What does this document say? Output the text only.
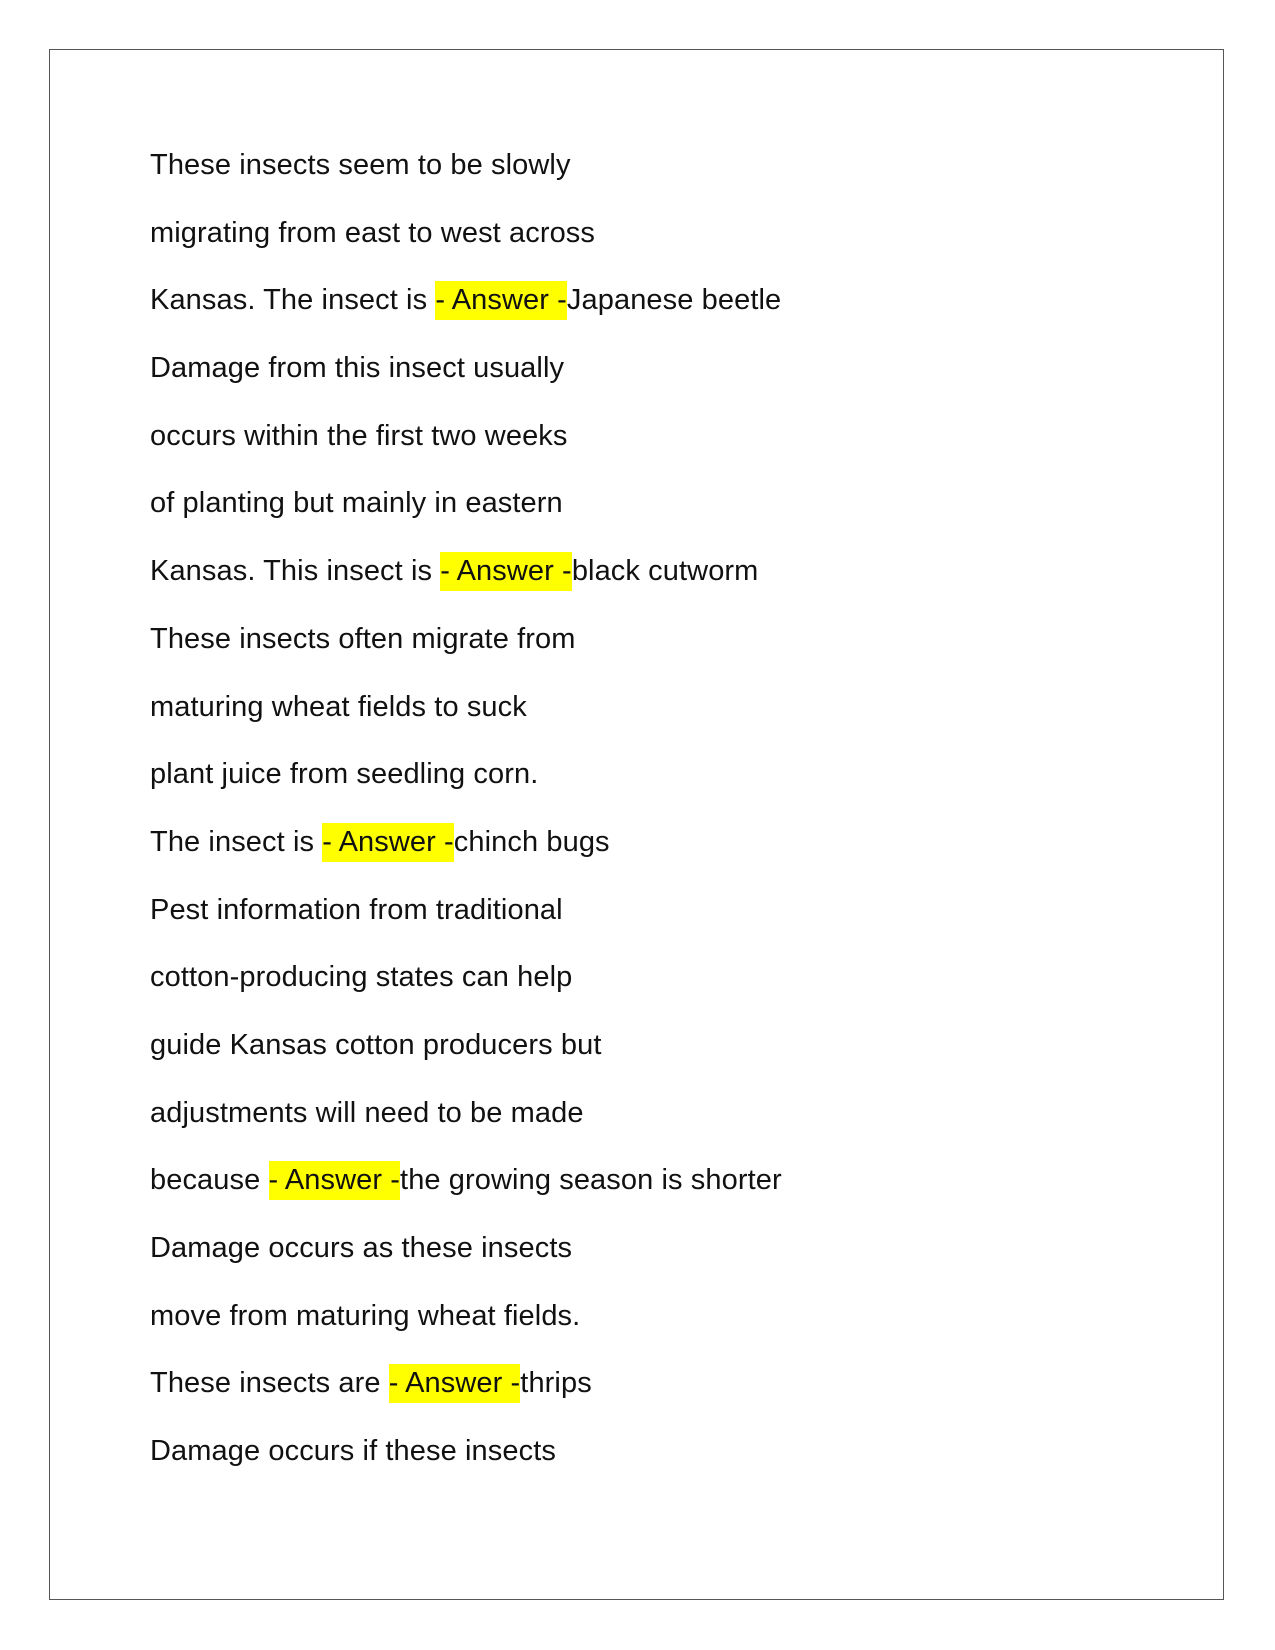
These insects seem to be slowly
migrating from east to west across
Kansas. The insect is - Answer -Japanese beetle
Damage from this insect usually
occurs within the first two weeks
of planting but mainly in eastern
Kansas. This insect is - Answer -black cutworm
These insects often migrate from
maturing wheat fields to suck
plant juice from seedling corn.
The insect is - Answer -chinch bugs
Pest information from traditional
cotton-producing states can help
guide Kansas cotton producers but
adjustments will need to be made
because - Answer -the growing season is shorter
Damage occurs as these insects
move from maturing wheat fields.
These insects are - Answer -thrips
Damage occurs if these insects
